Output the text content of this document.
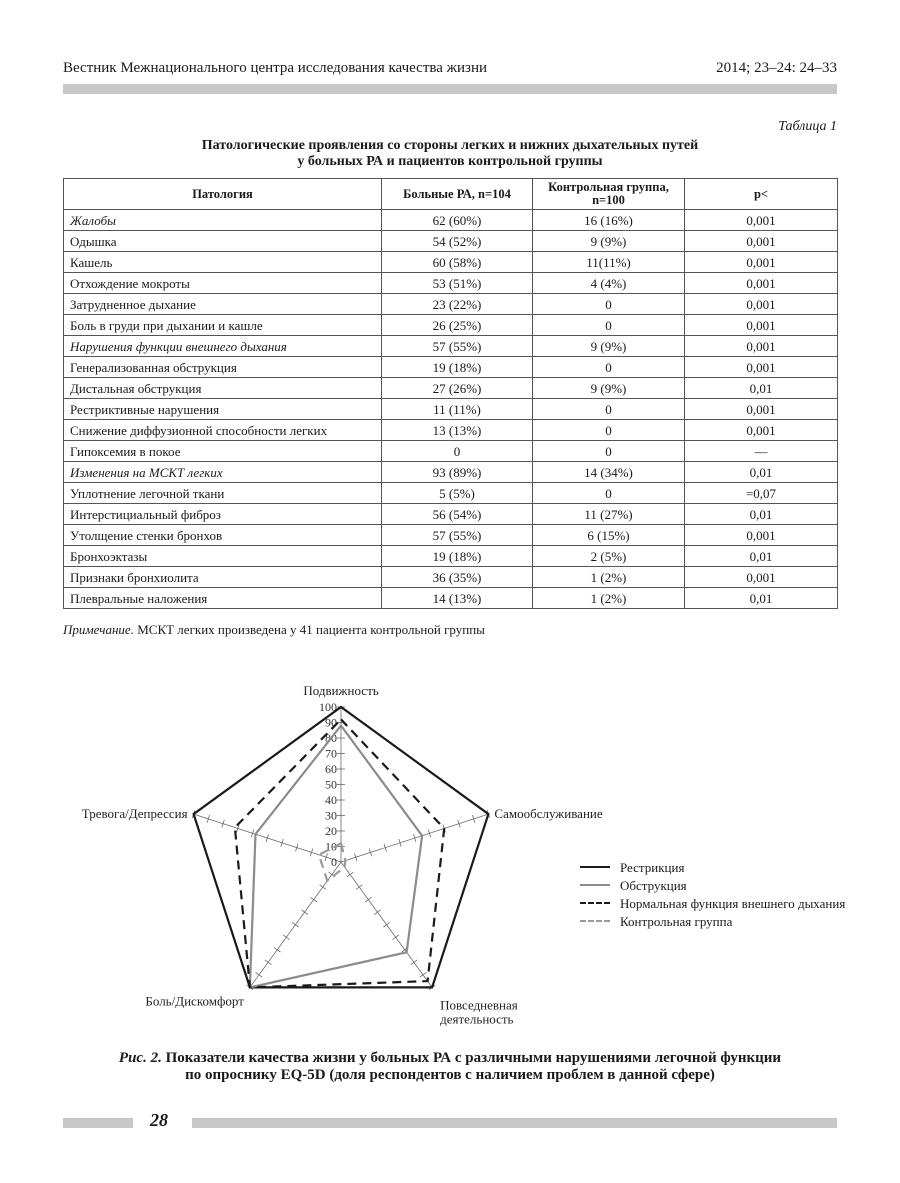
Вестник Межнационального центра исследования качества жизни	2014; 23–24: 24–33
Таблица 1
Патологические проявления со стороны легких и нижних дыхательных путей
у больных РА и пациентов контрольной группы
Патология	Больные РА, n=104	Контрольная группа, n=100	p<
Жалобы	62 (60%)	16 (16%)	0,001
Одышка	54 (52%)	9 (9%)	0,001
Кашель	60 (58%)	11(11%)	0,001
Отхождение мокроты	53 (51%)	4 (4%)	0,001
Затрудненное дыхание	23 (22%)	0	0,001
Боль в груди при дыхании и кашле	26 (25%)	0	0,001
Нарушения функции внешнего дыхания	57 (55%)	9 (9%)	0,001
Генерализованная обструкция	19 (18%)	0	0,001
Дистальная обструкция	27 (26%)	9 (9%)	0,01
Рестриктивные нарушения	11 (11%)	0	0,001
Снижение диффузионной способности легких	13 (13%)	0	0,001
Гипоксемия в покое	0	0	—
Изменения на МСКТ легких	93 (89%)	14 (34%)	0,01
Уплотнение легочной ткани	5 (5%)	0	=0,07
Интерстициальный фиброз	56 (54%)	11 (27%)	0,01
Утолщение стенки бронхов	57 (55%)	6 (15%)	0,001
Бронхоэктазы	19 (18%)	2 (5%)	0,01
Признаки бронхиолита	36 (35%)	1 (2%)	0,001
Плевральные наложения	14 (13%)	1 (2%)	0,01
Примечание. МСКТ легких произведена у 41 пациента контрольной группы
0
10
20
30
40
50
60
70
80
90
100
Подвижность
Самообслуживание
Повседневная деятельность
Боль/Дискомфорт
Тревога/Депрессия
Рестрикция
Обструкция
Нормальная функция внешнего дыхания
Контрольная группа
Рис. 2. Показатели качества жизни у больных РА с различными нарушениями легочной функции
по опроснику EQ-5D (доля респондентов с наличием проблем в данной сфере)
28
